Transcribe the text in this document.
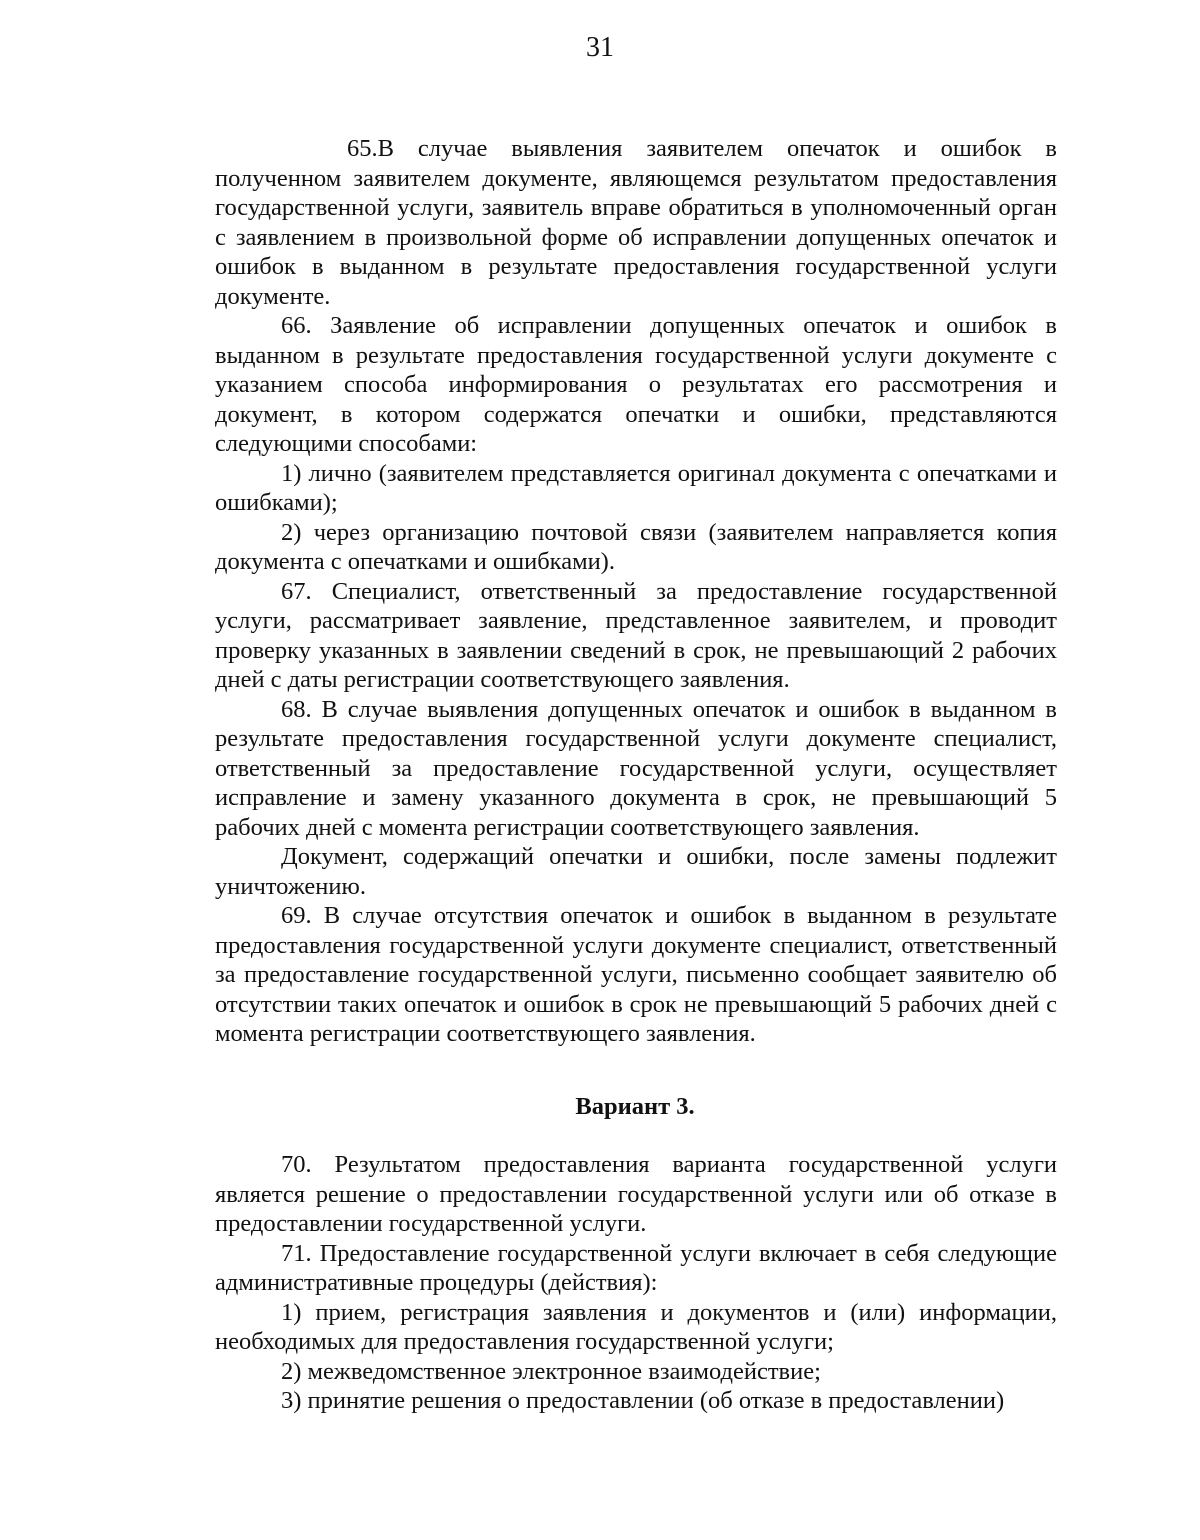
31

65.В случае выявления заявителем опечаток и ошибок в полученном заявителем документе, являющемся результатом предоставления государственной услуги, заявитель вправе обратиться в уполномоченный орган с заявлением в произвольной форме об исправлении допущенных опечаток и ошибок в выданном в результате предоставления государственной услуги документе.

66. Заявление об исправлении допущенных опечаток и ошибок в выданном в результате предоставления государственной услуги документе с указанием способа информирования о результатах его рассмотрения и документ, в котором содержатся опечатки и ошибки, представляются следующими способами:

1) лично (заявителем представляется оригинал документа с опечатками и ошибками);

2) через организацию почтовой связи (заявителем направляется копия документа с опечатками и ошибками).

67. Специалист, ответственный за предоставление государственной услуги, рассматривает заявление, представленное заявителем, и проводит проверку указанных в заявлении сведений в срок, не превышающий 2 рабочих дней с даты регистрации соответствующего заявления.

68. В случае выявления допущенных опечаток и ошибок в выданном в результате предоставления государственной услуги документе специалист, ответственный за предоставление государственной услуги, осуществляет исправление и замену указанного документа в срок, не превышающий 5 рабочих дней с момента регистрации соответствующего заявления.

Документ, содержащий опечатки и ошибки, после замены подлежит уничтожению.

69. В случае отсутствия опечаток и ошибок в выданном в результате предоставления государственной услуги документе специалист, ответственный за предоставление государственной услуги, письменно сообщает заявителю об отсутствии таких опечаток и ошибок в срок не превышающий 5 рабочих дней с момента регистрации соответствующего заявления.

Вариант 3.

70. Результатом предоставления варианта государственной услуги является решение о предоставлении государственной услуги или об отказе в предоставлении государственной услуги.

71. Предоставление государственной услуги включает в себя следующие административные процедуры (действия):

1) прием, регистрация заявления и документов и (или) информации, необходимых для предоставления государственной услуги;

2) межведомственное электронное взаимодействие;

3) принятие решения о предоставлении (об отказе в предоставлении)
